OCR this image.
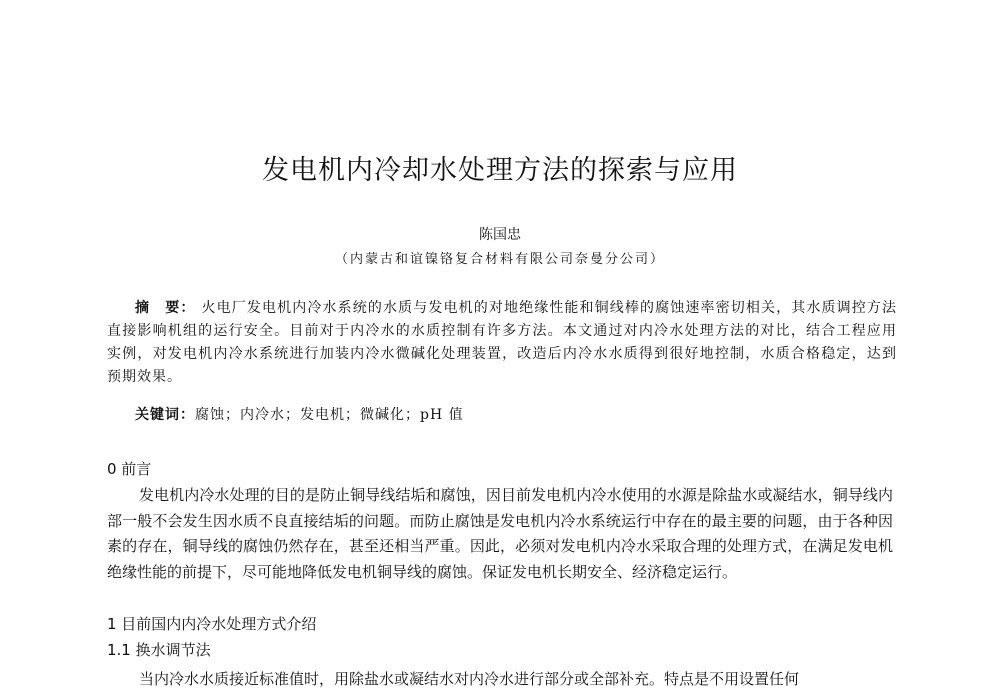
发电机内冷却水处理方法的探索与应用
陈国忠
（内蒙古和谊镍铬复合材料有限公司奈曼分公司）
摘　要： 火电厂发电机内冷水系统的水质与发电机的对地绝缘性能和铜线棒的腐蚀速率密切相关，其水质调控方法直接影响机组的运行安全。目前对于内冷水的水质控制有许多方法。本文通过对内冷水处理方法的对比，结合工程应用实例，对发电机内冷水系统进行加装内冷水微碱化处理装置，改造后内冷水水质得到很好地控制，水质合格稳定，达到预期效果。
关键词：腐蚀；内冷水；发电机；微碱化；pH 值
0 前言
发电机内冷水处理的目的是防止铜导线结垢和腐蚀，因目前发电机内冷水使用的水源是除盐水或凝结水，铜导线内部一般不会发生因水质不良直接结垢的问题。而防止腐蚀是发电机内冷水系统运行中存在的最主要的问题，由于各种因素的存在，铜导线的腐蚀仍然存在，甚至还相当严重。因此，必须对发电机内冷水采取合理的处理方式，在满足发电机绝缘性能的前提下，尽可能地降低发电机铜导线的腐蚀。保证发电机长期安全、经济稳定运行。
1 目前国内内冷水处理方式介绍
1.1 换水调节法
当内冷水水质接近标准值时，用除盐水或凝结水对内冷水进行部分或全部补充。特点是不用设置任何
